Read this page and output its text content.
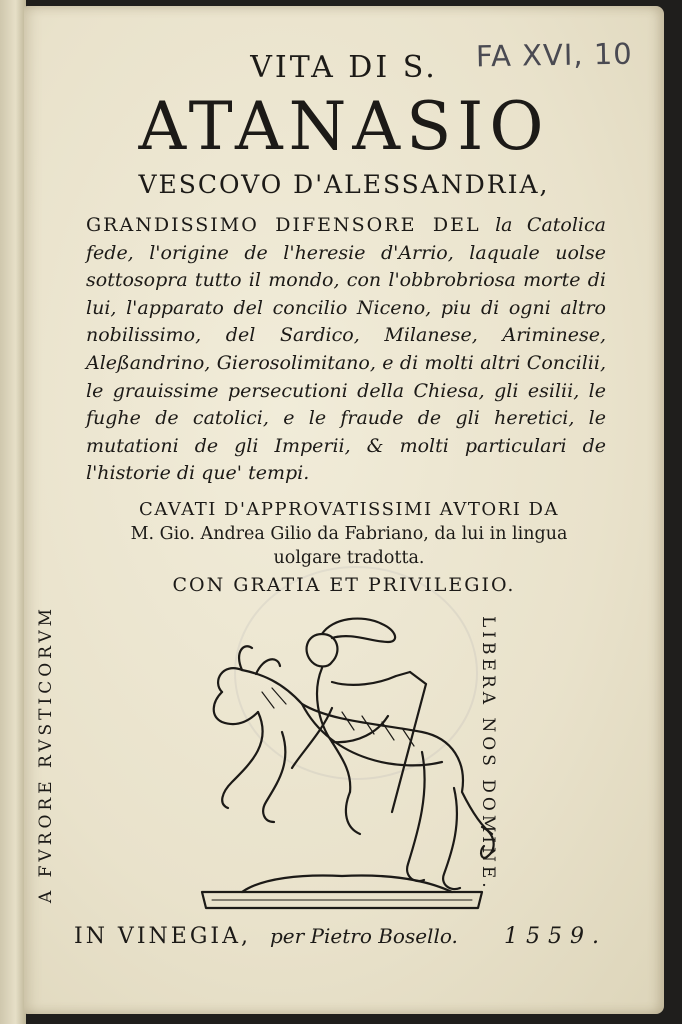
VITA DI S.	FA XVI, 10
ATANASIO
VESCOVO D'ALESSANDRIA,

GRANDISSIMO DIFENSORE DEL la Catolica fede, l'origine de l'heresie d'Arrio, laquale uolse sottosopra tutto il mondo, con l'obbrobriosa morte di lui, l'apparato del concilio Niceno, piu di ogni altro nobilissimo, del Sardico, Milanese, Ariminese, Aleßandrino, Gierosolimitano, e di molti altri Concilii, le grauissime persecutioni della Chiesa, gli esilii, le fughe de catolici, e le fraude de gli heretici, le mutationi de gli Imperii, & molti particulari de l'historie di que' tempi.

CAVATI D'APPROVATISSIMI AVTORI DA
M. Gio. Andrea Gilio da Fabriano, da lui in lingua
uolgare tradotta.
CON GRATIA ET PRIVILEGIO.
A FVRORE RVSTICORVM	LIBERA NOS DOMINE.
IN VINEGIA, per Pietro Bosello. 1559.
